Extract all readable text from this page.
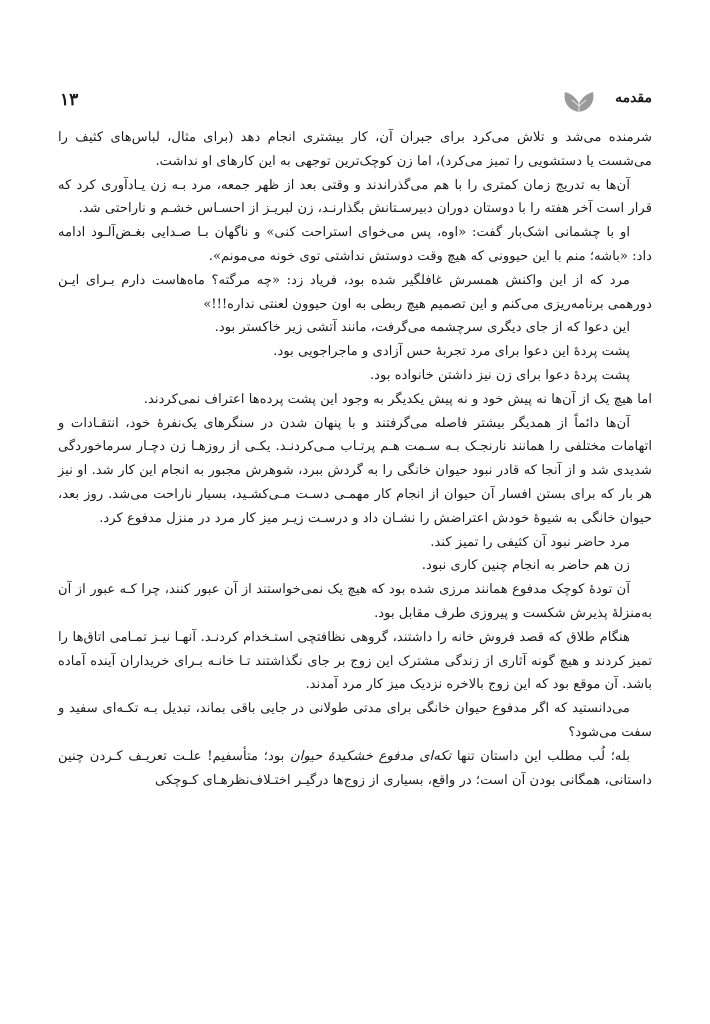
مقدمه
۱۳

شرمنده می‌شد و تلاش می‌کرد برای جبران آن، کار بیشتری انجام دهد (برای مثال، لباس‌های کثیف را می‌شست یا دستشویی را تمیز می‌کرد)، اما زن کوچک‌ترین توجهی به این کارهای او نداشت.

آن‌ها به تدریج زمان کمتری را با هم می‌گذراندند و وقتی بعد از ظهر جمعه، مرد بـه زن یـادآوری کرد که قرار است آخر هفته را با دوستان دوران دبیرسـتانش بگذارنـد، زن لبریـز از احسـاس خشـم و ناراحتی شد.

او با چشمانی اشک‌بار گفت: «اوه، پس می‌خوای استراحت کنی» و ناگهان بـا صـدایی بغـض‌آلـود ادامه داد: «باشه؛ منم با این حیوونی که هیچ وقت دوستش نداشتی توی خونه می‌مونم».

مرد که از این واکنش همسرش غافلگیر شده بود، فریاد زد: «چه مرگته؟ ماه‌هاست دارم بـرای ایـن دورهمی برنامه‌ریزی می‌کنم و این تصمیم هیچ ربطی به اون حیوون لعنتی نداره!!!»

این دعوا که از جای دیگری سرچشمه می‌گرفت، مانند آتشی زیر خاکستر بود.

پشت پردهٔ این دعوا برای مرد تجربهٔ حس آزادی و ماجراجویی بود.

پشت پردهٔ دعوا برای زن نیز داشتن خانواده بود.

اما هیچ یک از آن‌ها نه پیش خود و نه پیش یکدیگر به وجود این پشت پرده‌ها اعتراف نمی‌کردند.

آن‌ها دائماً از همدیگر بیشتر فاصله می‌گرفتند و با پنهان شدن در سنگرهای یک‌نفرهٔ خود، انتقـادات و اتهامات مختلفی را همانند نارنجـک بـه سـمت هـم پرتـاب مـی‌کردنـد. یکـی از روزهـا زن دچـار سرماخوردگی شدیدی شد و از آنجا که قادر نبود حیوان خانگی را به گردش ببرد، شوهرش مجبور به انجام این کار شد. او نیز هر بار که برای بستن افسار آن حیوان از انجام کار مهمـی دسـت مـی‌کشـید، بسیار ناراحت می‌شد. روز بعد، حیوان خانگی به شیوهٔ خودش اعتراضش را نشـان داد و درسـت زیـر میز کار مرد در منزل مدفوع کرد.

مرد حاضر نبود آن کثیفی را تمیز کند.

زن هم حاضر به انجام چنین کاری نبود.

آن تودهٔ کوچک مدفوع همانند مرزی شده بود که هیچ یک نمی‌خواستند از آن عبور کنند، چرا کـه عبور از آن به‌منزلهٔ پذیرش شکست و پیروزی طرف مقابل بود.

هنگام طلاق که قصد فروش خانه را داشتند، گروهی نظافتچی استـخدام کردنـد. آنهـا نیـز تمـامی اتاق‌ها را تمیز کردند و هیچ گونه آثاری از زندگی مشترک این زوج بر جای نگذاشتند تـا خانـه بـرای خریداران آینده آماده باشد. آن موقع بود که این زوج بالاخره نزدیک میز کار مرد آمدند.

می‌دانستید که اگر مدفوع حیوان خانگی برای مدتی طولانی در جایی باقی بماند، تبدیل بـه تکـه‌ای سفید و سفت می‌شود؟

بله؛ لُب مطلب این داستان تنها تکه‌ای مدفوع خشکیدهٔ حیوان بود؛ متأسفیم! علـت تعریـف کـردن چنین داستانی، همگانی بودن آن است؛ در واقع، بسیاری از زوج‌ها درگیـر اختـلاف‌نظرهـای کـوچکی
